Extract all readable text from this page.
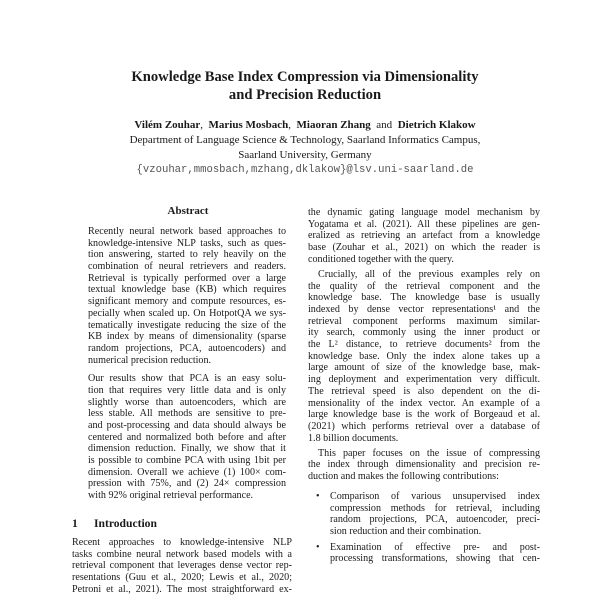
Knowledge Base Index Compression via Dimensionality
and Precision Reduction
Vilém Zouhar, Marius Mosbach, Miaoran Zhang and Dietrich Klakow
Department of Language Science & Technology, Saarland Informatics Campus,
Saarland University, Germany
{vzouhar,mmosbach,mzhang,dklakow}@lsv.uni-saarland.de
Abstract
Recently neural network based approaches to
knowledge-intensive NLP tasks, such as ques-
tion answering, started to rely heavily on the
combination of neural retrievers and readers.
Retrieval is typically performed over a large
textual knowledge base (KB) which requires
significant memory and compute resources, es-
pecially when scaled up. On HotpotQA we sys-
tematically investigate reducing the size of the
KB index by means of dimensionality (sparse
random projections, PCA, autoencoders) and
numerical precision reduction.
Our results show that PCA is an easy solu-
tion that requires very little data and is only
slightly worse than autoencoders, which are
less stable. All methods are sensitive to pre-
and post-processing and data should always be
centered and normalized both before and after
dimension reduction. Finally, we show that it
is possible to combine PCA with using 1bit per
dimension. Overall we achieve (1) 100× com-
pression with 75%, and (2) 24× compression
with 92% original retrieval performance.
1 Introduction
Recent approaches to knowledge-intensive NLP
tasks combine neural network based models with a
retrieval component that leverages dense vector rep-
resentations (Guu et al., 2020; Lewis et al., 2020;
Petroni et al., 2021). The most straightforward ex-
the dynamic gating language model mechanism by
Yogatama et al. (2021). All these pipelines are gen-
eralized as retrieving an artefact from a knowledge
base (Zouhar et al., 2021) on which the reader is
conditioned together with the query.
Crucially, all of the previous examples rely on
the quality of the retrieval component and the
knowledge base. The knowledge base is usually
indexed by dense vector representations¹ and the
retrieval component performs maximum similar-
ity search, commonly using the inner product or
the L² distance, to retrieve documents² from the
knowledge base. Only the index alone takes up a
large amount of size of the knowledge base, mak-
ing deployment and experimentation very difficult.
The retrieval speed is also dependent on the di-
mensionality of the index vector. An example of a
large knowledge base is the work of Borgeaud et al.
(2021) which performs retrieval over a database of
1.8 billion documents.
This paper focuses on the issue of compressing
the index through dimensionality and precision re-
duction and makes the following contributions:
• Comparison of various unsupervised index
compression methods for retrieval, including
random projections, PCA, autoencoder, preci-
sion reduction and their combination.
• Examination of effective pre- and post-
processing transformations, showing that cen-
